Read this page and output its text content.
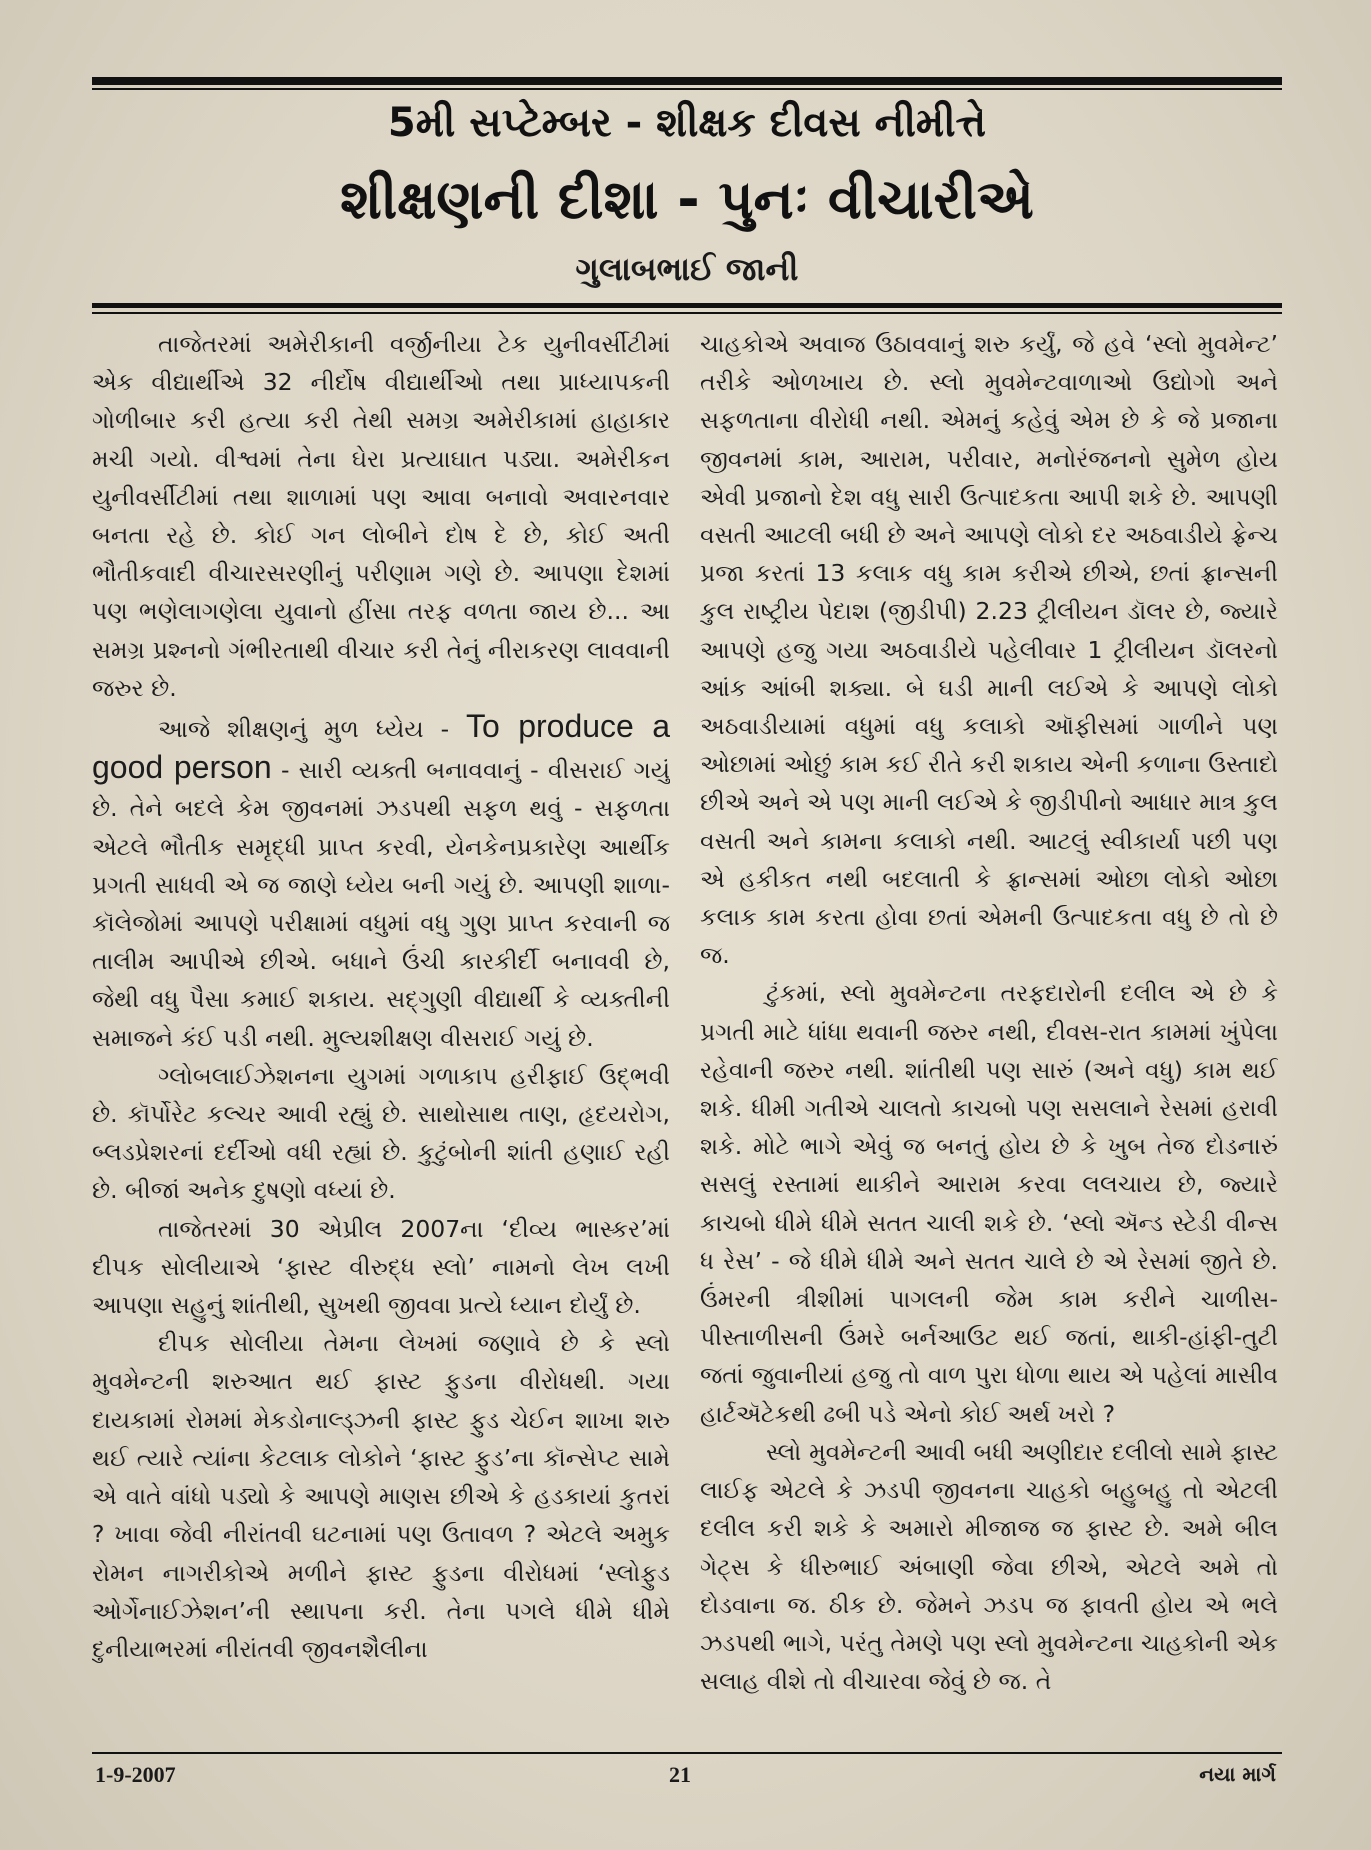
5મી સપ્ટેમ્બર - શીક્ષક દીવસ નીમીત્તે
શીક્ષણની દીશા - પુનઃ વીચારીએ
ગુલાબભાઈ જાની

તાજેતરમાં અમેરીકાની વર્જીનીયા ટેક યુનીવર્સીટીમાં એક વીદ્યાર્થીએ 32 નીર્દોષ વીદ્યાર્થીઓ તથા પ્રાધ્યાપકની ગોળીબાર કરી હત્યા કરી તેથી સમગ્ર અમેરીકામાં હાહાકાર મચી ગયો. વીશ્વમાં તેના ઘેરા પ્રત્યાઘાત પડ્યા. અમેરીકન યુનીવર્સીટીમાં તથા શાળામાં પણ આવા બનાવો અવારનવાર બનતા રહે છે. કોઈ ગન લોબીને દોષ દે છે, કોઈ અતી ભૌતીકવાદી વીચારસરણીનું પરીણામ ગણે છે. આપણા દેશમાં પણ ભણેલાગણેલા યુવાનો હીંસા તરફ વળતા જાય છે... આ સમગ્ર પ્રશ્નનો ગંભીરતાથી વીચાર કરી તેનું નીરાકરણ લાવવાની જરુર છે.

આજે શીક્ષણનું મુળ ધ્યેય - To produce a good person - સારી વ્યક્તી બનાવવાનું - વીસરાઈ ગયું છે. તેને બદલે કેમ જીવનમાં ઝડપથી સફળ થવું - સફળતા એટલે ભૌતીક સમૃદ્ધી પ્રાપ્ત કરવી, યેનકેનપ્રકારેણ આર્થીક પ્રગતી સાધવી એ જ જાણે ધ્યેય બની ગયું છે. આપણી શાળા-કૉલેજોમાં આપણે પરીક્ષામાં વધુમાં વધુ ગુણ પ્રાપ્ત કરવાની જ તાલીમ આપીએ છીએ. બધાને ઉંચી કારકીર્દી બનાવવી છે, જેથી વધુ પૈસા કમાઈ શકાય. સદ્ગુણી વીદ્યાર્થી કે વ્યક્તીની સમાજને કંઈ પડી નથી. મુલ્યશીક્ષણ વીસરાઈ ગયું છે.

ગ્લોબલાઈઝેશનના યુગમાં ગળાકાપ હરીફાઈ ઉદ્ભવી છે. કૉર્પોરેટ કલ્ચર આવી રહ્યું છે. સાથોસાથ તાણ, હૃદયરોગ, બ્લડપ્રેશરનાં દર્દીઓ વધી રહ્યાં છે. કુટુંબોની શાંતી હણાઈ રહી છે. બીજાં અનેક દુષણો વધ્યાં છે.

તાજેતરમાં 30 એપ્રીલ 2007ના ‘દીવ્ય ભાસ્કર’માં દીપક સોલીયાએ ‘ફાસ્ટ વીરુદ્ધ સ્લો’ નામનો લેખ લખી આપણા સહુનું શાંતીથી, સુખથી જીવવા પ્રત્યે ધ્યાન દોર્યું છે.

દીપક સોલીયા તેમના લેખમાં જણાવે છે કે સ્લો મુવમેન્ટની શરુઆત થઈ ફાસ્ટ ફુડના વીરોધથી. ગયા દાયકામાં રોમમાં મેકડોનાલ્ડ્ઝની ફાસ્ટ ફુડ ચેઈન શાખા શરુ થઈ ત્યારે ત્યાંના કેટલાક લોકોને ‘ફાસ્ટ ફુડ’ના કૉન્સેપ્ટ સામે એ વાતે વાંધો પડ્યો કે આપણે માણસ છીએ કે હડકાયાં કુતરાં ? ખાવા જેવી નીરાંતવી ઘટનામાં પણ ઉતાવળ ? એટલે અમુક રોમન નાગરીકોએ મળીને ફાસ્ટ ફુડના વીરોધમાં ‘સ્લોફુડ ઓર્ગેનાઈઝેશન’ની સ્થાપના કરી. તેના પગલે ધીમે ધીમે દુનીયાભરમાં નીરાંતવી જીવનશૈલીના

ચાહકોએ અવાજ ઉઠાવવાનું શરુ કર્યું, જે હવે ‘સ્લો મુવમેન્ટ’ તરીકે ઓળખાય છે. સ્લો મુવમેન્ટવાળાઓ ઉદ્યોગો અને સફળતાના વીરોધી નથી. એમનું કહેવું એમ છે કે જે પ્રજાના જીવનમાં કામ, આરામ, પરીવાર, મનોરંજનનો સુમેળ હોય એવી પ્રજાનો દેશ વધુ સારી ઉત્પાદકતા આપી શકે છે. આપણી વસતી આટલી બધી છે અને આપણે લોકો દર અઠવાડીયે ફ્રેન્ચ પ્રજા કરતાં 13 કલાક વધુ કામ કરીએ છીએ, છતાં ફ્રાન્સની કુલ રાષ્ટ્રીય પેદાશ (જીડીપી) 2.23 ટ્રીલીયન ડૉલર છે, જ્યારે આપણે હજુ ગયા અઠવાડીયે પહેલીવાર 1 ટ્રીલીયન ડૉલરનો આંક આંબી શક્યા. બે ઘડી માની લઈએ કે આપણે લોકો અઠવાડીયામાં વધુમાં વધુ કલાકો ઑફીસમાં ગાળીને પણ ઓછામાં ઓછું કામ કઈ રીતે કરી શકાય એની કળાના ઉસ્તાદો છીએ અને એ પણ માની લઈએ કે જીડીપીનો આધાર માત્ર કુલ વસતી અને કામના કલાકો નથી. આટલું સ્વીકાર્યા પછી પણ એ હકીકત નથી બદલાતી કે ફ્રાન્સમાં ઓછા લોકો ઓછા કલાક કામ કરતા હોવા છતાં એમની ઉત્પાદકતા વધુ છે તો છે જ.

ટુંકમાં, સ્લો મુવમેન્ટના તરફદારોની દલીલ એ છે કે પ્રગતી માટે ધાંધા થવાની જરુર નથી, દીવસ-રાત કામમાં ખુંપેલા રહેવાની જરુર નથી. શાંતીથી પણ સારું (અને વધુ) કામ થઈ શકે. ધીમી ગતીએ ચાલતો કાચબો પણ સસલાને રેસમાં હરાવી શકે. મોટે ભાગે એવું જ બનતું હોય છે કે ખુબ તેજ દોડનારું સસલું રસ્તામાં થાકીને આરામ કરવા લલચાય છે, જ્યારે કાચબો ધીમે ધીમે સતત ચાલી શકે છે. ‘સ્લો ઍન્ડ સ્ટેડી વીન્સ ધ રેસ’ - જે ધીમે ધીમે અને સતત ચાલે છે એ રેસમાં જીતે છે. ઉંમરની ત્રીશીમાં પાગલની જેમ કામ કરીને ચાળીસ-પીસ્તાળીસની ઉંમરે બર્નઆઉટ થઈ જતાં, થાકી-હાંફી-તુટી જતાં જુવાનીયાં હજુ તો વાળ પુરા ધોળા થાય એ પહેલાં માસીવ હાર્ટઍટેકથી ઢબી પડે એનો કોઈ અર્થ ખરો ?

સ્લો મુવમેન્ટની આવી બધી અણીદાર દલીલો સામે ફાસ્ટ લાઈફ એટલે કે ઝડપી જીવનના ચાહકો બહુબહુ તો એટલી દલીલ કરી શકે કે અમારો મીજાજ જ ફાસ્ટ છે. અમે બીલ ગેટ્સ કે ધીરુભાઈ અંબાણી જેવા છીએ, એટલે અમે તો દોડવાના જ. ઠીક છે. જેમને ઝડપ જ ફાવતી હોય એ ભલે ઝડપથી ભાગે, પરંતુ તેમણે પણ સ્લો મુવમેન્ટના ચાહકોની એક સલાહ વીશે તો વીચારવા જેવું છે જ. તે

1-9-2007	21	નયા માર્ગ
